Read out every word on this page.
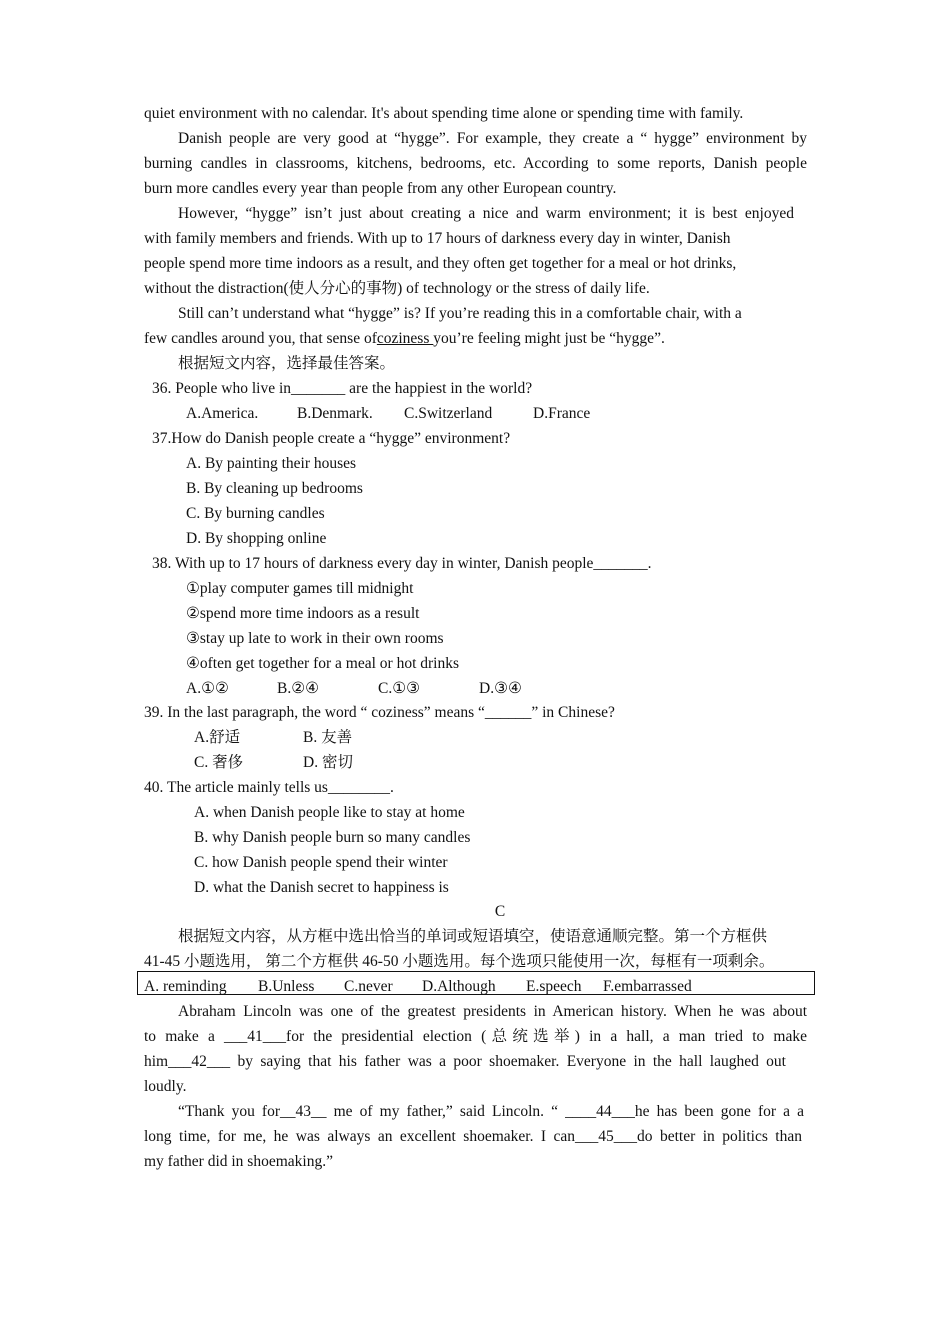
quiet environment with no calendar. It's about spending time alone or spending time with family.
Danish people are very good at “hygge”. For example, they create a “ hygge” environment by
burning candles in classrooms, kitchens, bedrooms, etc. According to some reports, Danish people
burn more candles every year than people from any other European country.
However, “hygge” isn’t just about creating a nice and warm environment; it is best enjoyed
with family members and friends. With up to 17 hours of darkness every day in winter, Danish
people spend more time indoors as a result, and they often get together for a meal or hot drinks,
without the distraction(使人分心的事物) of technology or the stress of daily life.
Still can’t understand what “hygge” is? If you’re reading this in a comfortable chair, with a
few candles around you, that sense ofcoziness you’re feeling might just be “hygge”.
根据短文内容，选择最佳答案。
36. People who live in_______ are the happiest in the world?
A.America. B.Denmark. C.Switzerland	D.France
37.How do Danish people create a “hygge” environment?
A. By painting their houses
B. By cleaning up bedrooms
C. By burning candles
D. By shopping online
38. With up to 17 hours of darkness every day in winter, Danish people_______.
①play computer games till midnight
②spend more time indoors as a result
③stay up late to work in their own rooms
④often get together for a meal or hot drinks
A.①②	B.②④	C.①③	D.③④
39. In the last paragraph, the word “ coziness” means “______” in Chinese?
A.舒适	B. 友善
C. 奢侈	D. 密切
40. The article mainly tells us________.
A. when Danish people like to stay at home
B. why Danish people burn so many candles
C. how Danish people spend their winter
D. what the Danish secret to happiness is
C
根据短文内容，从方框中选出恰当的单词或短语填空，使语意通顺完整。第一个方框供
41-45 小题选用， 第二个方框供 46-50 小题选用。每个选项只能使用一次，每框有一项剩余。
A. reminding B.Unless C.never D.Although E.speech F.embarrassed
Abraham Lincoln was one of the greatest presidents in American history. When he was about
to make a ___41___for the presidential election (总统选举) in a hall, a man tried to make
him___42___ by saying that his father was a poor shoemaker. Everyone in the hall laughed out
loudly.
“Thank you for__43__ me of my father,” said Lincoln. “ ____44___he has been gone for a a
long time, for me, he was always an excellent shoemaker. I can___45___do better in politics than
my father did in shoemaking.”
